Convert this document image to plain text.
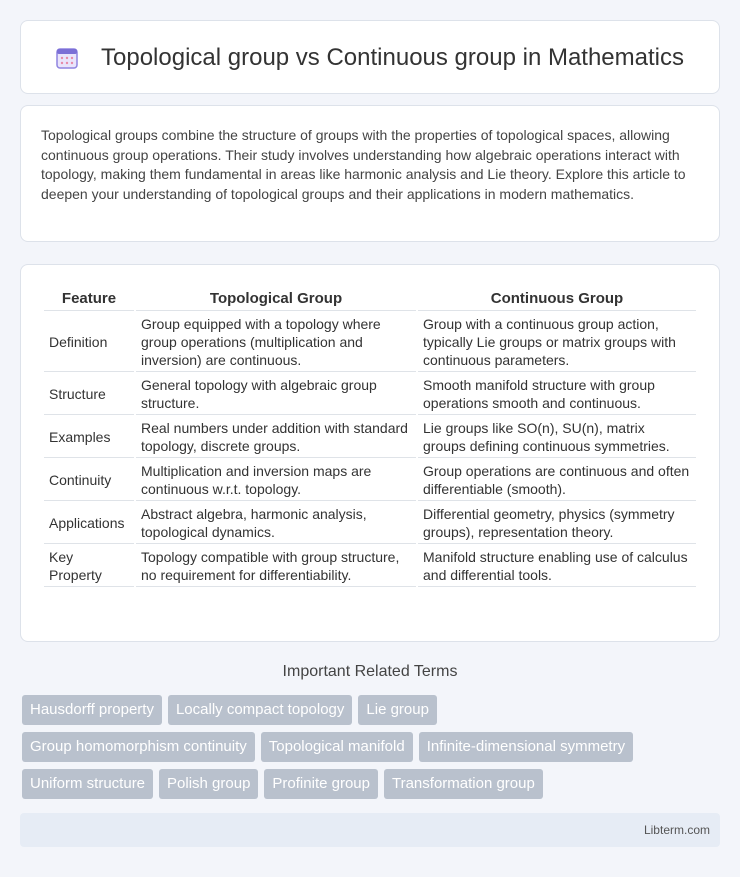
Topological group vs Continuous group in Mathematics

Topological groups combine the structure of groups with the properties of topological spaces, allowing continuous group operations. Their study involves understanding how algebraic operations interact with topology, making them fundamental in areas like harmonic analysis and Lie theory. Explore this article to deepen your understanding of topological groups and their applications in modern mathematics.

Feature	Topological Group	Continuous Group
Definition	Group equipped with a topology where group operations (multiplication and inversion) are continuous.	Group with a continuous group action, typically Lie groups or matrix groups with continuous parameters.
Structure	General topology with algebraic group structure.	Smooth manifold structure with group operations smooth and continuous.
Examples	Real numbers under addition with standard topology, discrete groups.	Lie groups like SO(n), SU(n), matrix groups defining continuous symmetries.
Continuity	Multiplication and inversion maps are continuous w.r.t. topology.	Group operations are continuous and often differentiable (smooth).
Applications	Abstract algebra, harmonic analysis, topological dynamics.	Differential geometry, physics (symmetry groups), representation theory.
Key Property	Topology compatible with group structure, no requirement for differentiability.	Manifold structure enabling use of calculus and differential tools.
Important Related Terms
Hausdorff property	Locally compact topology	Lie group
Group homomorphism continuity	Topological manifold	Infinite-dimensional symmetry
Uniform structure	Polish group	Profinite group	Transformation group
Libterm.com
